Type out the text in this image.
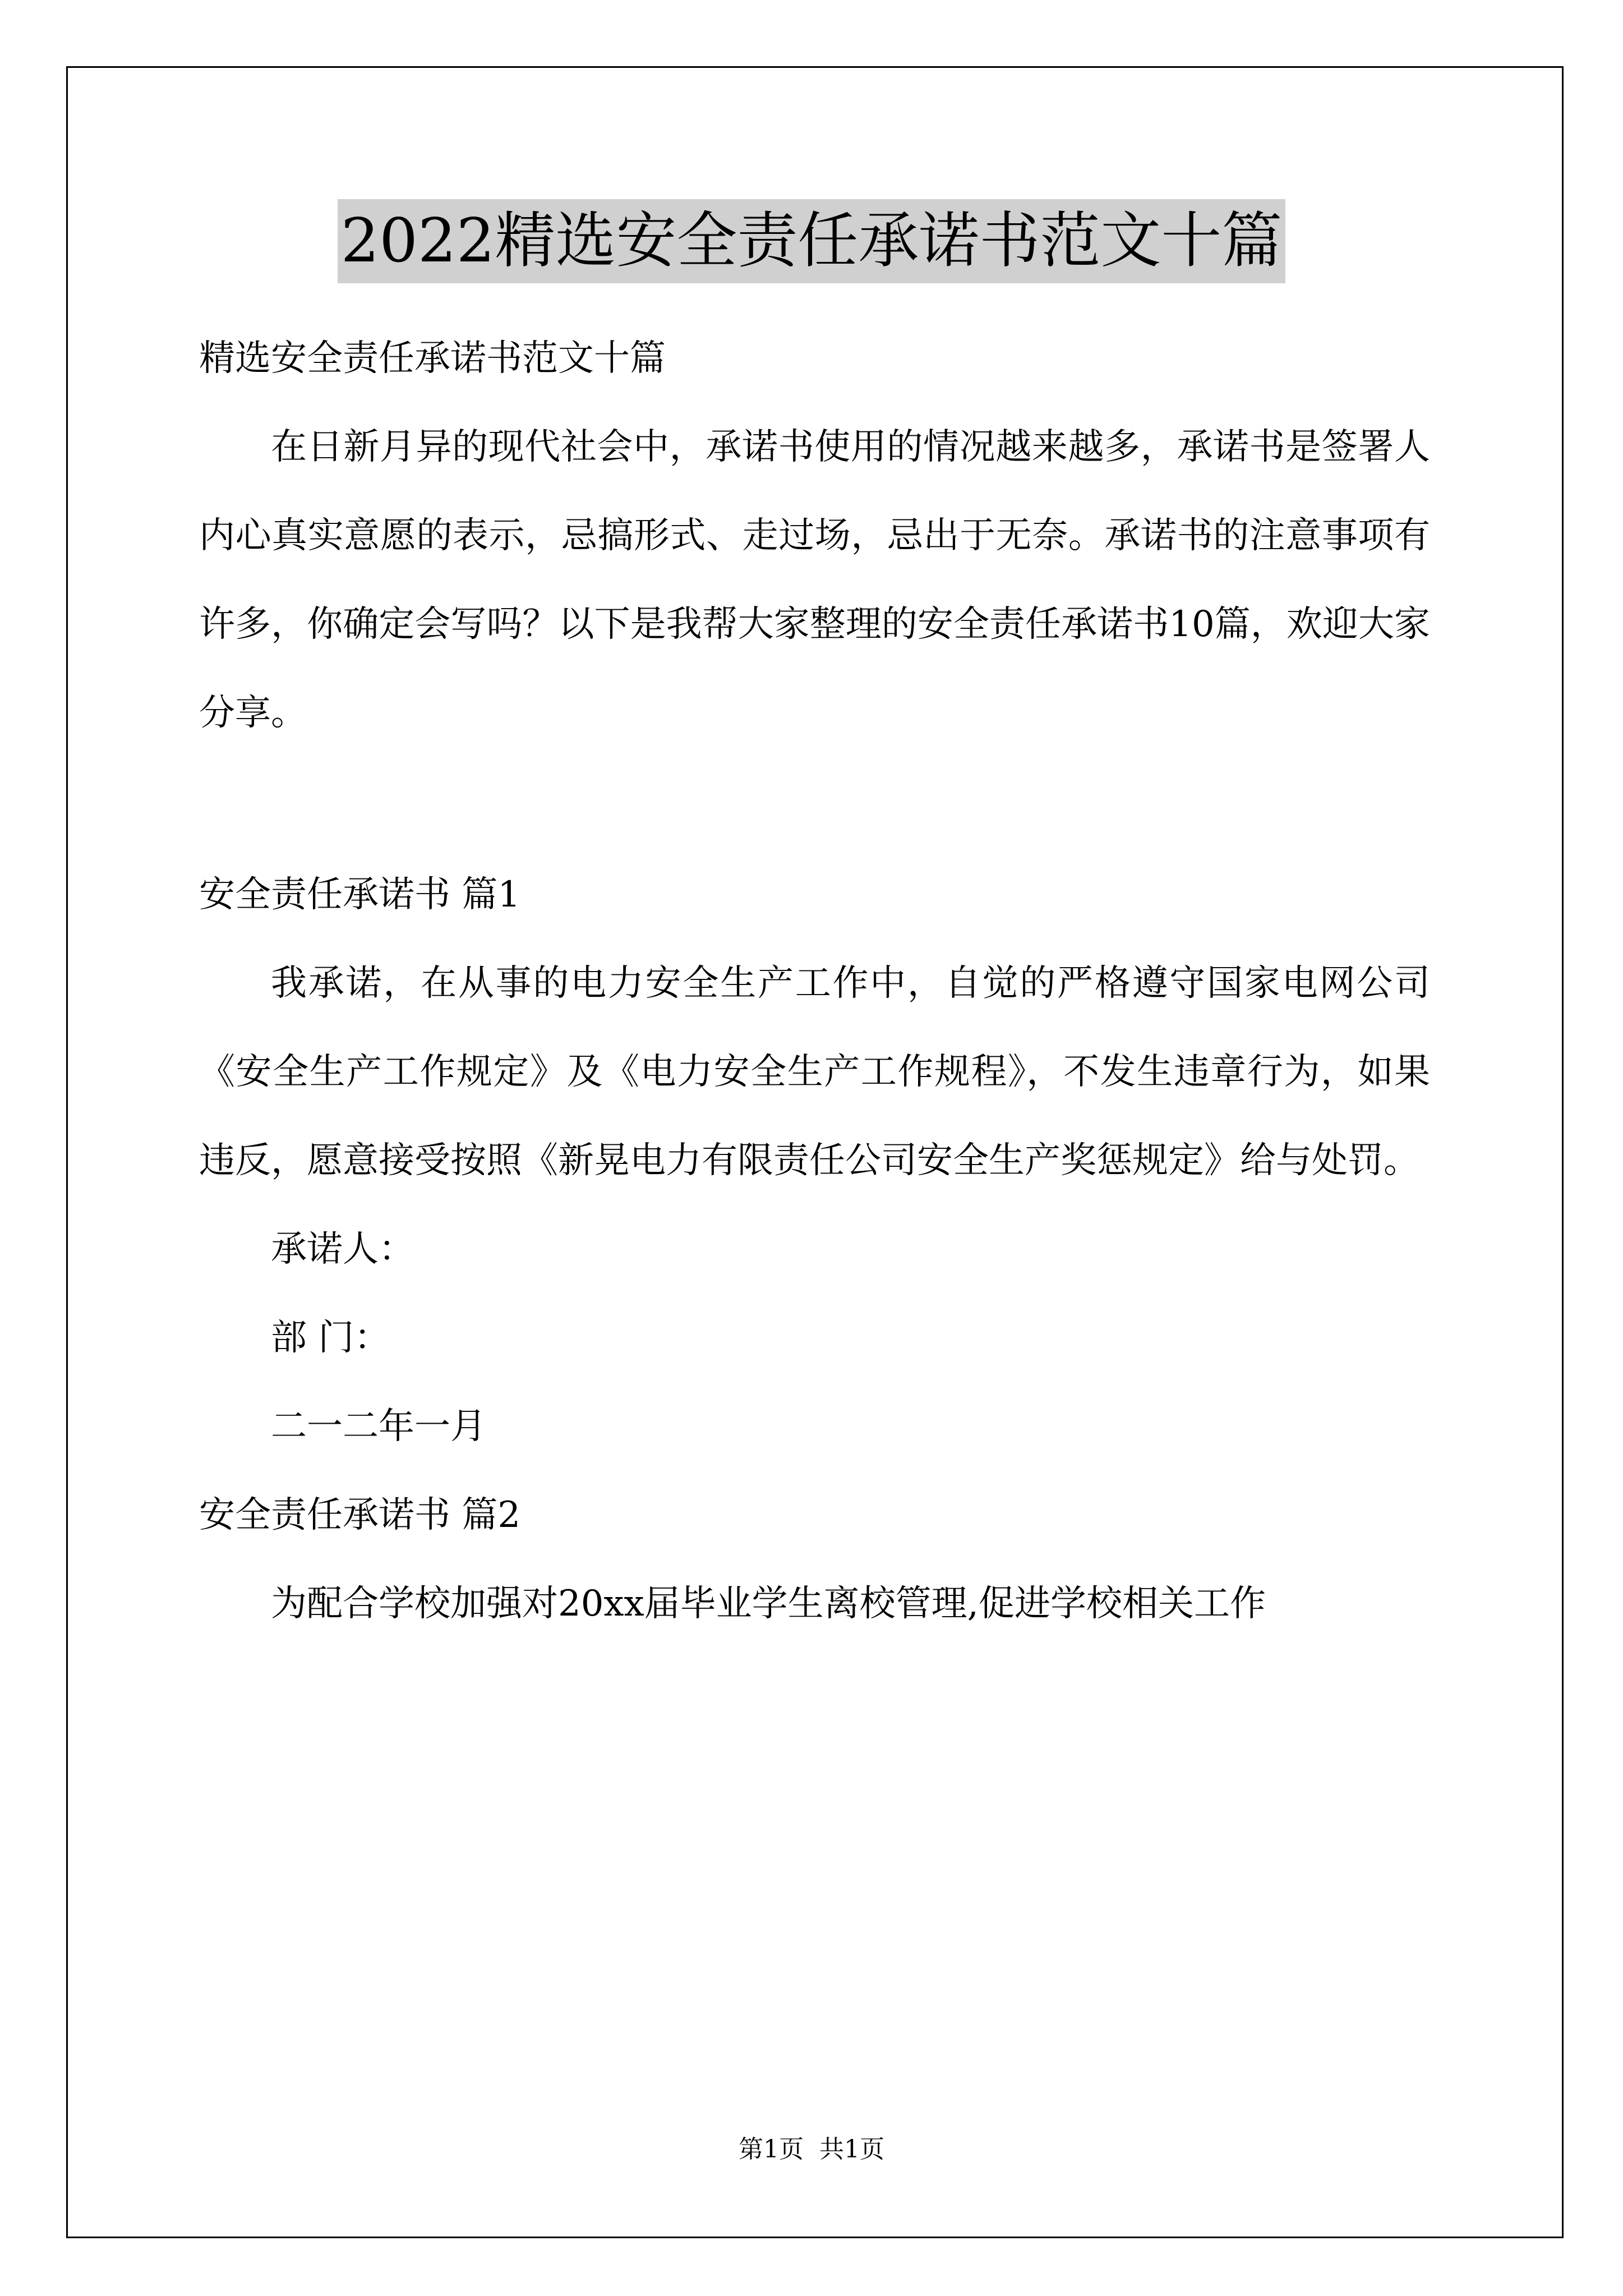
2022精选安全责任承诺书范文十篇
精选安全责任承诺书范文十篇
在日新月异的现代社会中，承诺书使用的情况越来越多，承诺书是签署人内心真实意愿的表示，忌搞形式、走过场，忌出于无奈。承诺书的注意事项有许多，你确定会写吗？以下是我帮大家整理的安全责任承诺书10篇，欢迎大家分享。
安全责任承诺书 篇1
我承诺，在从事的电力安全生产工作中，自觉的严格遵守国家电网公司《安全生产工作规定》及《电力安全生产工作规程》，不发生违章行为，如果违反，愿意接受按照《新晃电力有限责任公司安全生产奖惩规定》给与处罚。
承诺人：
部 门：
二一二年一月
安全责任承诺书 篇2
为配合学校加强对20xx届毕业学生离校管理,促进学校相关工作
第1页 共1页
